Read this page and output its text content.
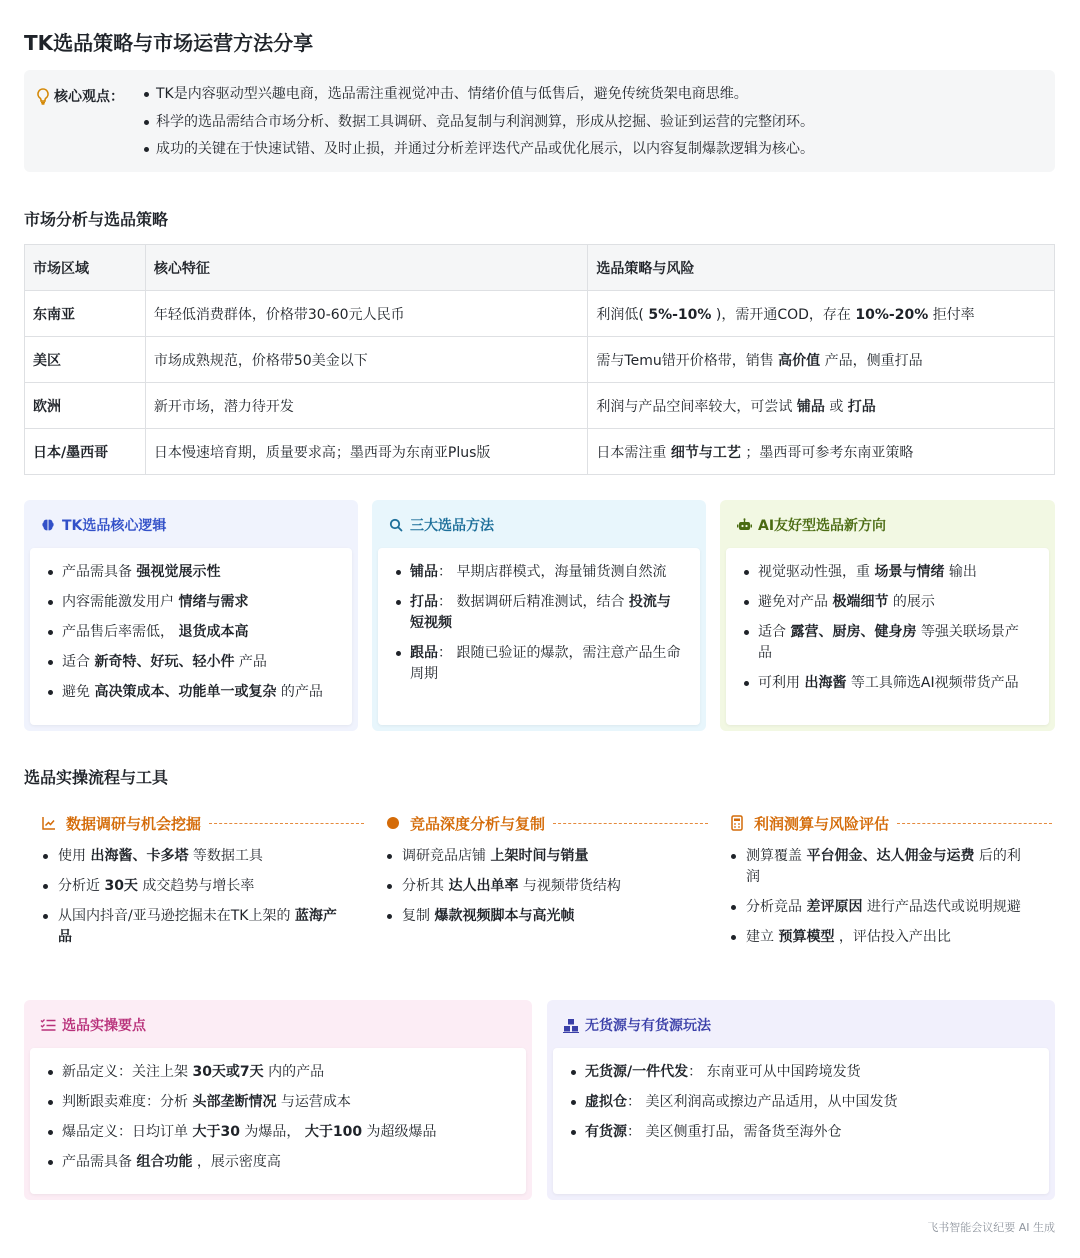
TK选品策略与市场运营方法分享
核心观点：	TK是内容驱动型兴趣电商，选品需注重视觉冲击、情绪价值与低售后，避免传统货架电商思维。
科学的选品需结合市场分析、数据工具调研、竞品复制与利润测算，形成从挖掘、验证到运营的完整闭环。
成功的关键在于快速试错、及时止损，并通过分析差评迭代产品或优化展示，以内容复制爆款逻辑为核心。
市场分析与选品策略
市场区域	核心特征	选品策略与风险
东南亚	年轻低消费群体，价格带30-60元人民币	利润低( 5%-10% )，需开通COD，存在 10%-20% 拒付率
美区	市场成熟规范，价格带50美金以下	需与Temu错开价格带，销售 高价值 产品，侧重打品
欧洲	新开市场，潜力待开发	利润与产品空间率较大，可尝试 铺品 或 打品
日本/墨西哥	日本慢速培育期，质量要求高；墨西哥为东南亚Plus版	日本需注重 细节与工艺 ；墨西哥可参考东南亚策略
TK选品核心逻辑
产品需具备 强视觉展示性
内容需能激发用户 情绪与需求
产品售后率需低， 退货成本高
适合 新奇特、好玩、轻小件 产品
避免 高决策成本、功能单一或复杂 的产品
三大选品方法
铺品： 早期店群模式，海量铺货测自然流
打品： 数据调研后精准测试，结合 投流与短视频
跟品： 跟随已验证的爆款，需注意产品生命周期
AI友好型选品新方向
视觉驱动性强，重 场景与情绪 输出
避免对产品 极端细节 的展示
适合 露营、厨房、健身房 等强关联场景产品
可利用 出海酱 等工具筛选AI视频带货产品
选品实操流程与工具
数据调研与机会挖掘
使用 出海酱、卡多塔 等数据工具
分析近 30天 成交趋势与增长率
从国内抖音/亚马逊挖掘未在TK上架的 蓝海产品
竞品深度分析与复制
调研竞品店铺 上架时间与销量
分析其 达人出单率 与视频带货结构
复制 爆款视频脚本与高光帧
利润测算与风险评估
测算覆盖 平台佣金、达人佣金与运费 后的利润
分析竞品 差评原因 进行产品迭代或说明规避
建立 预算模型 ，评估投入产出比
选品实操要点
新品定义：关注上架 30天或7天 内的产品
判断跟卖难度：分析 头部垄断情况 与运营成本
爆品定义：日均订单 大于30 为爆品， 大于100 为超级爆品
产品需具备 组合功能 ，展示密度高
无货源与有货源玩法
无货源/一件代发： 东南亚可从中国跨境发货
虚拟仓： 美区利润高或擦边产品适用，从中国发货
有货源： 美区侧重打品，需备货至海外仓
飞书智能会议纪要 AI 生成
